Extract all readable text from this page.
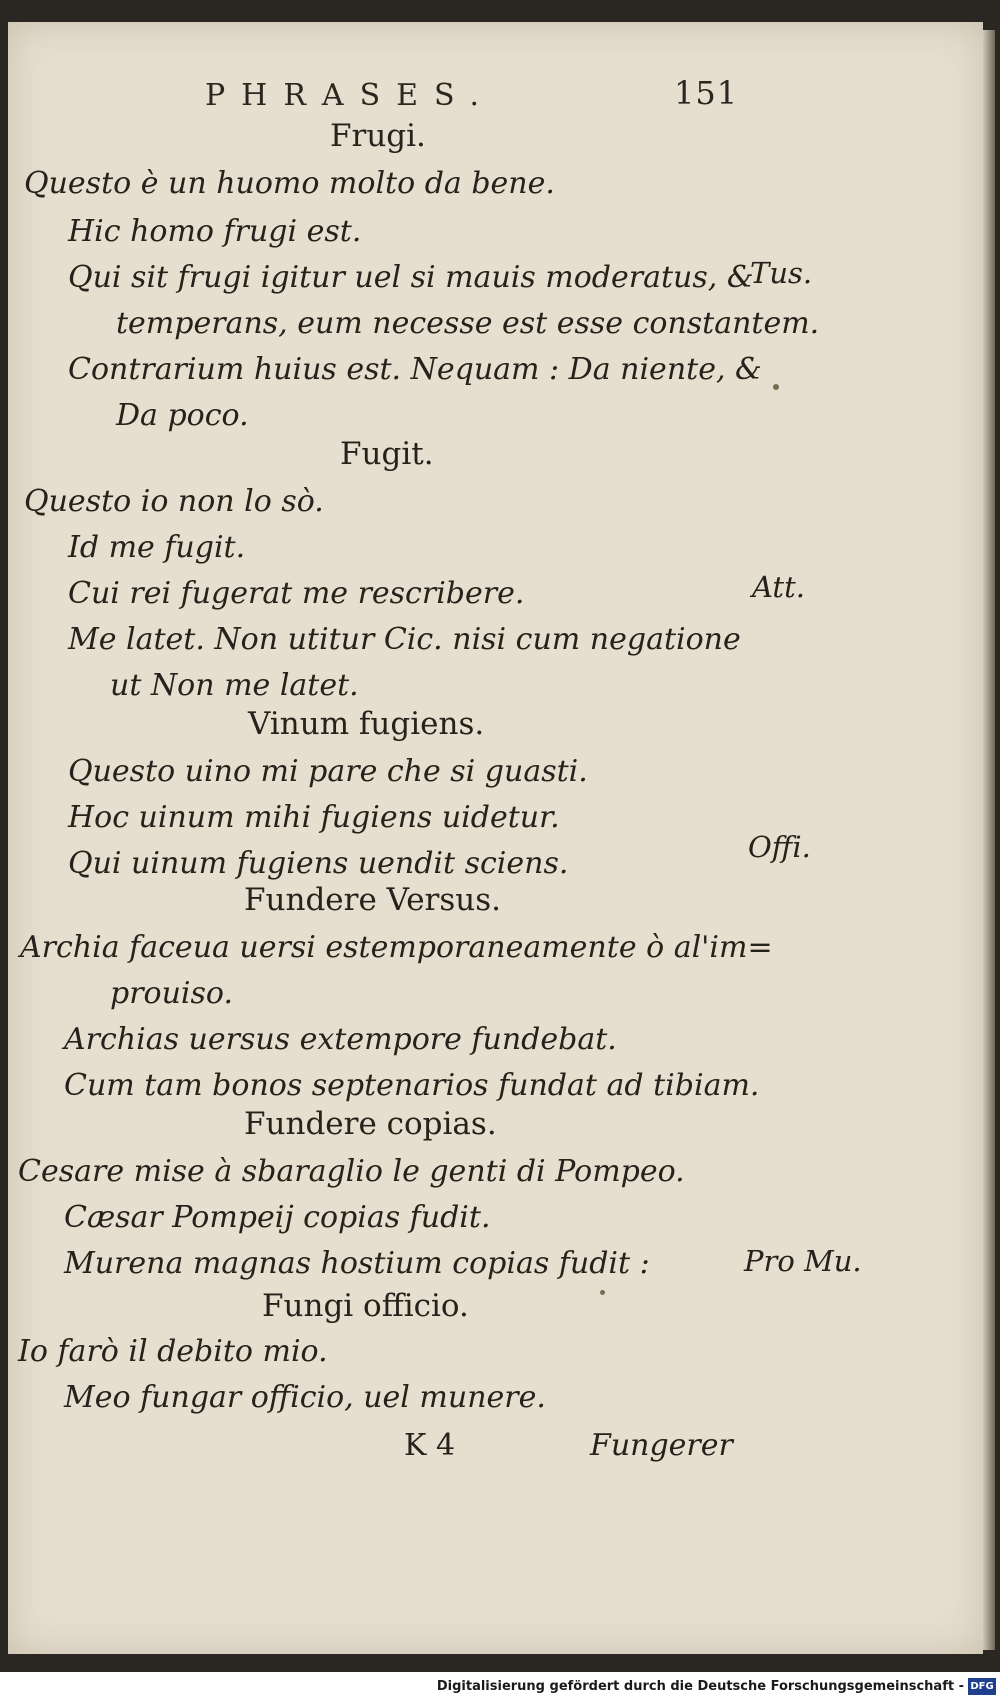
PHRASES.	151
Frugi.
Questo è un huomo molto da bene.
Hic homo frugi est.
Qui sit frugi igitur uel si mauis moderatus, &
Tus.
temperans, eum necesse est esse constantem.
Contrarium huius est. Nequam : Da niente, &
Da poco.
Fugit.
Questo io non lo sò.
Id me fugit.
Cui rei fugerat me rescribere.	Att.
Me latet. Non utitur Cic. nisi cum negatione
ut Non me latet.
Vinum fugiens.
Questo uino mi pare che si guasti.
Hoc uinum mihi fugiens uidetur.
Qui uinum fugiens uendit sciens.	Offi.
Fundere Versus.
Archia faceua uersi estemporaneamente ò al'im=
prouiso.
Archias uersus extempore fundebat.
Cum tam bonos septenarios fundat ad tibiam.
Fundere copias.
Cesare mise à sbaraglio le genti di Pompeo.
Cæsar Pompeij copias fudit.
Murena magnas hostium copias fudit :	Pro Mu.
Fungi officio.
Io farò il debito mio.
Meo fungar officio, uel munere.
K 4	Fungerer
Digitalisierung gefördert durch die Deutsche Forschungsgemeinschaft - DFG
